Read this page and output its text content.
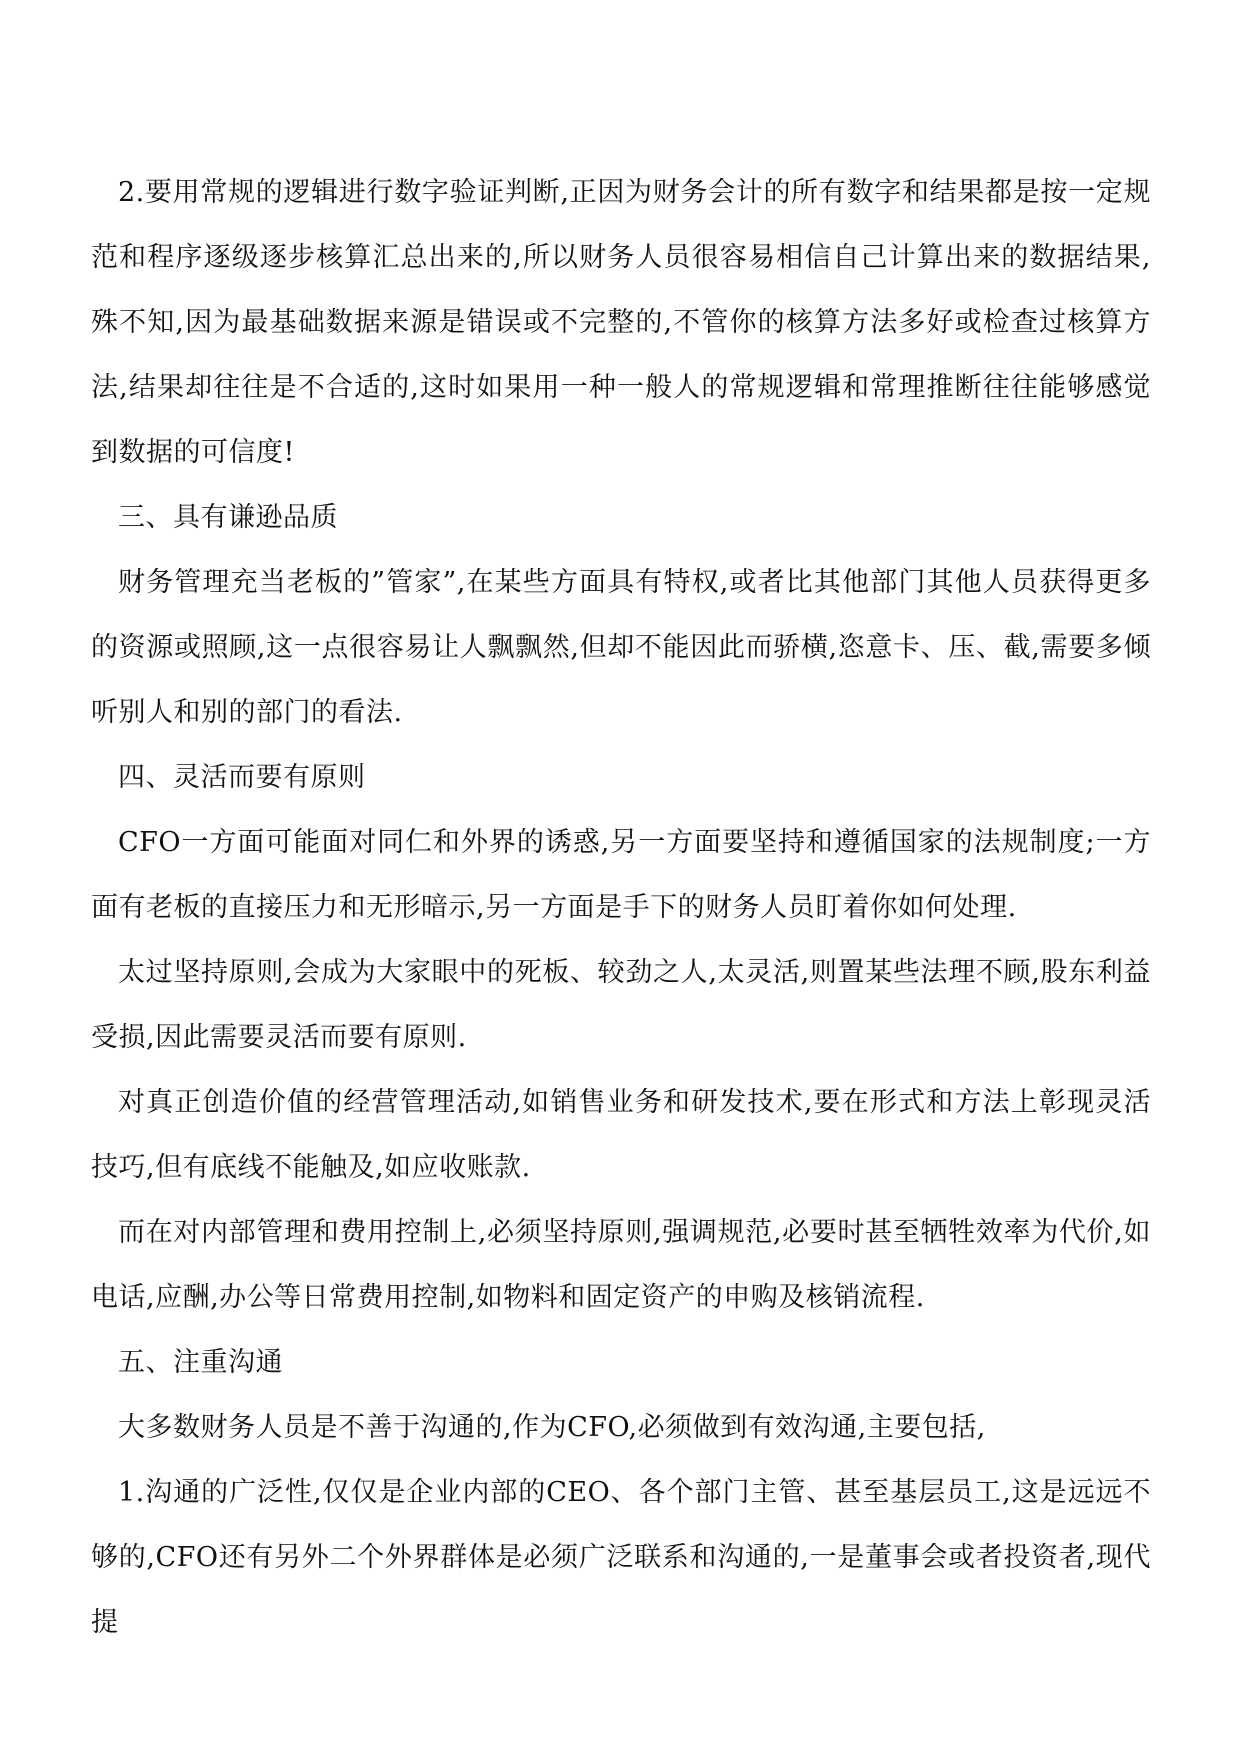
2.要用常规的逻辑进行数字验证判断,正因为财务会计的所有数字和结果都是按一定规范和程序逐级逐步核算汇总出来的,所以财务人员很容易相信自己计算出来的数据结果,殊不知,因为最基础数据来源是错误或不完整的,不管你的核算方法多好或检查过核算方法,结果却往往是不合适的,这时如果用一种一般人的常规逻辑和常理推断往往能够感觉到数据的可信度!

三、具有谦逊品质

财务管理充当老板的”管家”,在某些方面具有特权,或者比其他部门其他人员获得更多的资源或照顾,这一点很容易让人飘飘然,但却不能因此而骄横,恣意卡、压、截,需要多倾听别人和别的部门的看法.

四、灵活而要有原则

CFO一方面可能面对同仁和外界的诱惑,另一方面要坚持和遵循国家的法规制度;一方面有老板的直接压力和无形暗示,另一方面是手下的财务人员盯着你如何处理.

太过坚持原则,会成为大家眼中的死板、较劲之人,太灵活,则置某些法理不顾,股东利益受损,因此需要灵活而要有原则.

对真正创造价值的经营管理活动,如销售业务和研发技术,要在形式和方法上彰现灵活技巧,但有底线不能触及,如应收账款.

而在对内部管理和费用控制上,必须坚持原则,强调规范,必要时甚至牺牲效率为代价,如电话,应酬,办公等日常费用控制,如物料和固定资产的申购及核销流程.

五、注重沟通

大多数财务人员是不善于沟通的,作为CFO,必须做到有效沟通,主要包括,

1.沟通的广泛性,仅仅是企业内部的CEO、各个部门主管、甚至基层员工,这是远远不够的,CFO还有另外二个外界群体是必须广泛联系和沟通的,一是董事会或者投资者,现代提
